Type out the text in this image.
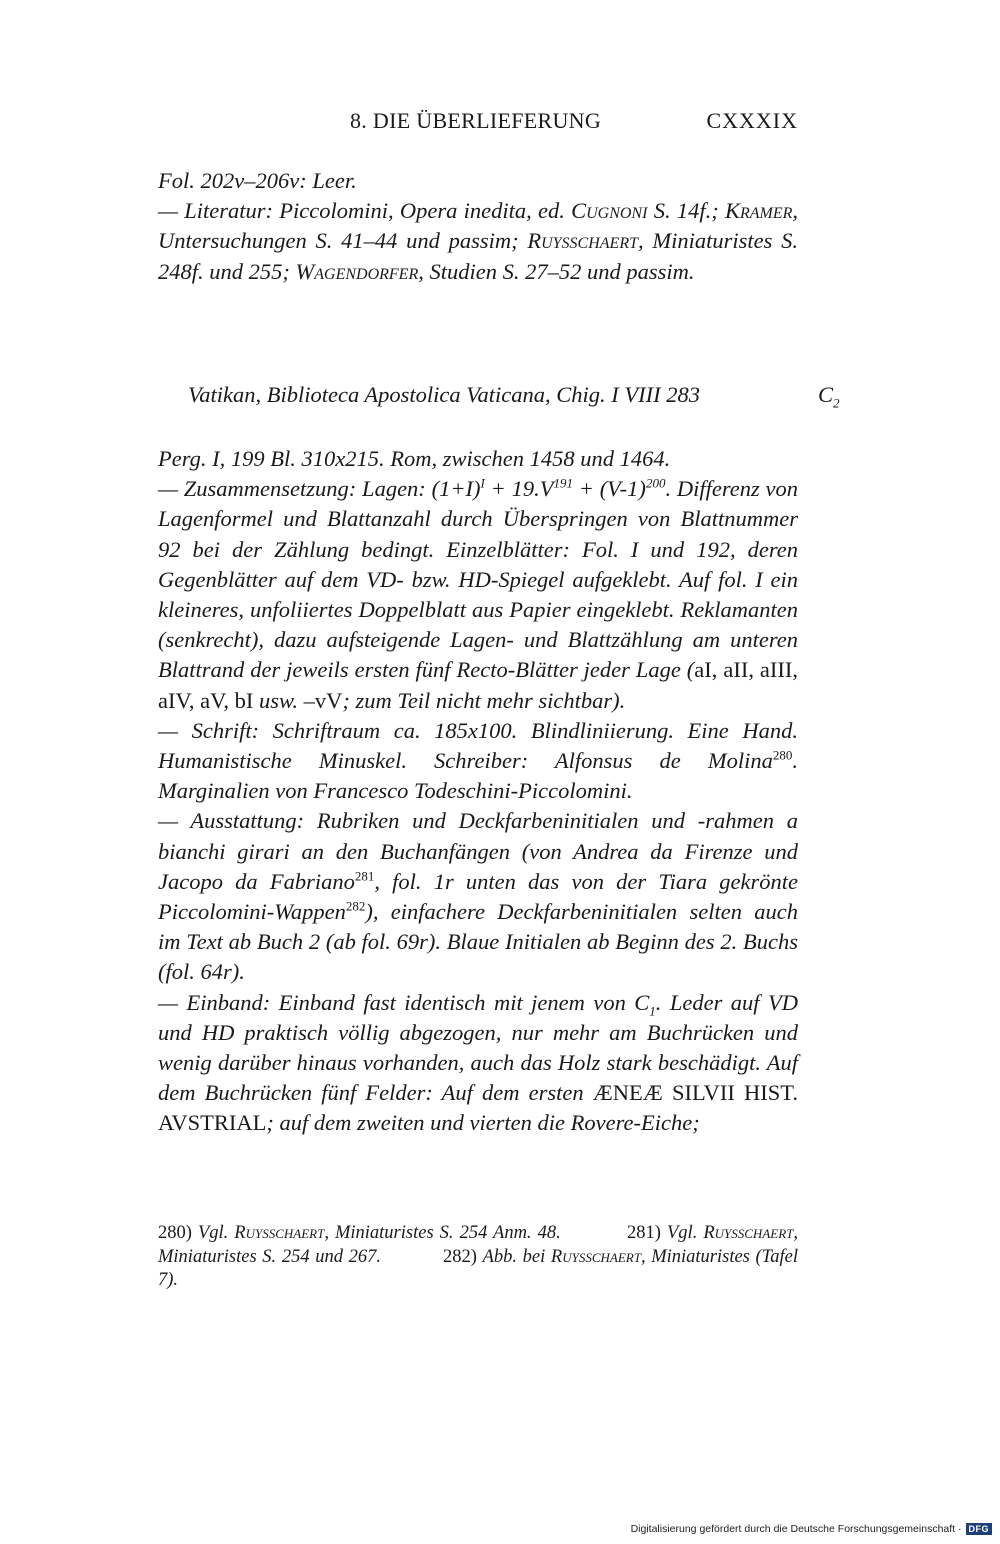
8. DIE ÜBERLIEFERUNG	CXXXIX
Fol. 202v–206v: Leer.
— Literatur: Piccolomini, Opera inedita, ed. Cugnoni S. 14f.; Kramer, Untersuchungen S. 41–44 und passim; Ruysschaert, Miniaturistes S. 248f. und 255; Wagendorfer, Studien S. 27–52 und passim.
Vatikan, Biblioteca Apostolica Vaticana, Chig. I VIII 283	$C_2$
Perg. I, 199 Bl. 310x215. Rom, zwischen 1458 und 1464.
— Zusammensetzung: Lagen: $(1+I)^I + 19.V^{191} + (V-1)^{200}$. Differenz von Lagenformel und Blattanzahl durch Überspringen von Blattnummer 92 bei der Zählung bedingt. Einzelblätter: Fol. I und 192, deren Gegenblätter auf dem VD- bzw. HD-Spiegel aufgeklebt. Auf fol. I ein kleineres, unfoliiertes Doppelblatt aus Papier eingeklebt. Reklamanten (senkrecht), dazu aufsteigende Lagen- und Blattzählung am unteren Blattrand der jeweils ersten fünf Recto-Blätter jeder Lage (aI, aII, aIII, aIV, aV, bI usw. –vV; zum Teil nicht mehr sichtbar).
— Schrift: Schriftraum ca. 185x100. Blindliniierung. Eine Hand. Humanistische Minuskel. Schreiber: Alfonsus de Molina$^{280}$. Marginalien von Francesco Todeschini-Piccolomini.
— Ausstattung: Rubriken und Deckfarbeninitialen und -rahmen a bianchi girari an den Buchanfängen (von Andrea da Firenze und Jacopo da Fabriano$^{281}$, fol. 1r unten das von der Tiara gekrönte Piccolomini-Wappen$^{282}$), einfachere Deckfarbeninitialen selten auch im Text ab Buch 2 (ab fol. 69r). Blaue Initialen ab Beginn des 2. Buchs (fol. 64r).
— Einband: Einband fast identisch mit jenem von $C_1$. Leder auf VD und HD praktisch völlig abgezogen, nur mehr am Buchrücken und wenig darüber hinaus vorhanden, auch das Holz stark beschädigt. Auf dem Buchrücken fünf Felder: Auf dem ersten ÆNEÆ SILVII HIST. AVSTRIAL; auf dem zweiten und vierten die Rovere-Eiche;
280) Vgl. Ruysschaert, Miniaturistes S. 254 Anm. 48.	281) Vgl. Ruysschaert, Miniaturistes S. 254 und 267.	282) Abb. bei Ruysschaert, Miniaturistes (Tafel 7).
Digitalisierung gefördert durch die Deutsche Forschungsgemeinschaft · DFG
